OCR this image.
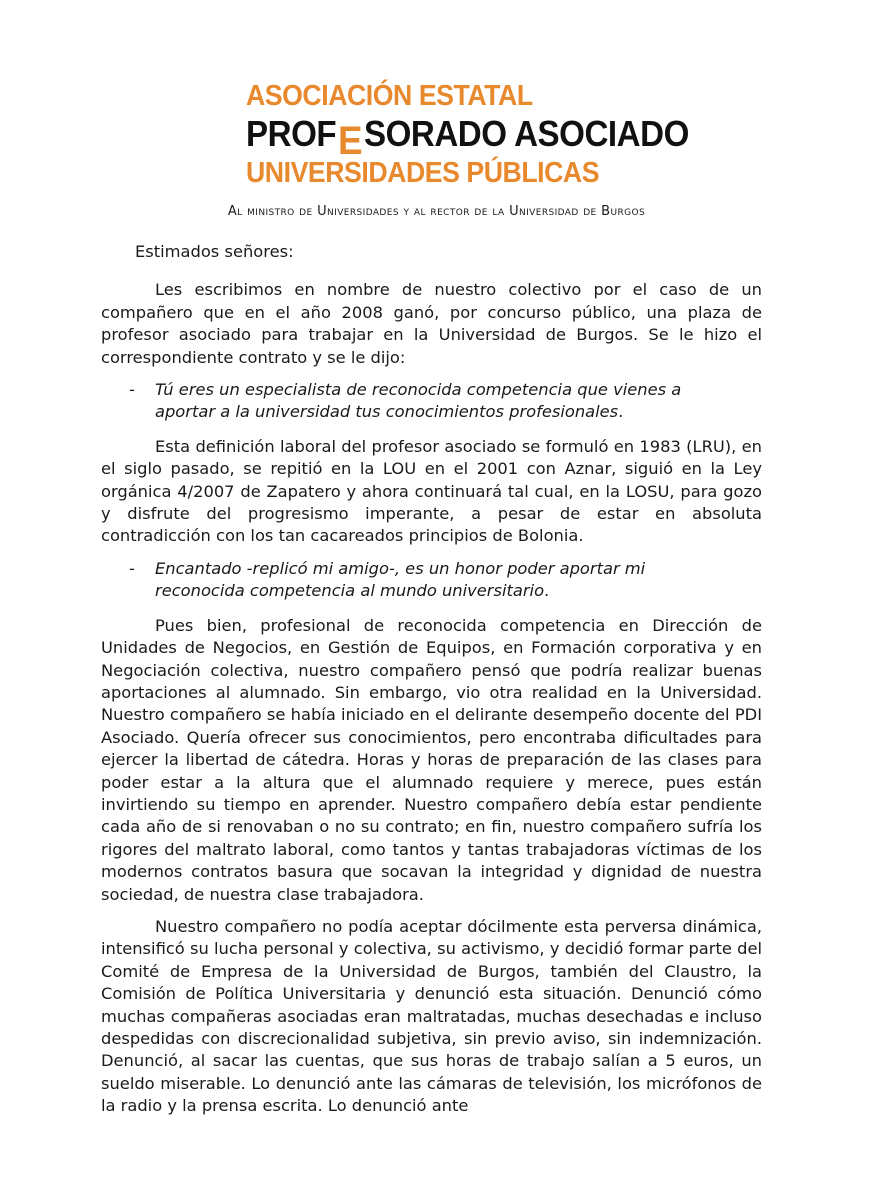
ASOCIACIÓN ESTATAL
PROFESORADO ASOCIADO
UNIVERSIDADES PÚBLICAS
Al ministro de Universidades y al rector de la Universidad de Burgos
Estimados señores:

Les escribimos en nombre de nuestro colectivo por el caso de un compañero que en el año 2008 ganó, por concurso público, una plaza de profesor asociado para trabajar en la Universidad de Burgos. Se le hizo el correspondiente contrato y se le dijo:

- Tú eres un especialista de reconocida competencia que vienes a aportar a la universidad tus conocimientos profesionales.

Esta definición laboral del profesor asociado se formuló en 1983 (LRU), en el siglo pasado, se repitió en la LOU en el 2001 con Aznar, siguió en la Ley orgánica 4/2007 de Zapatero y ahora continuará tal cual, en la LOSU, para gozo y disfrute del progresismo imperante, a pesar de estar en absoluta contradicción con los tan cacareados principios de Bolonia.

- Encantado -replicó mi amigo-, es un honor poder aportar mi reconocida competencia al mundo universitario.

Pues bien, profesional de reconocida competencia en Dirección de Unidades de Negocios, en Gestión de Equipos, en Formación corporativa y en Negociación colectiva, nuestro compañero pensó que podría realizar buenas aportaciones al alumnado. Sin embargo, vio otra realidad en la Universidad. Nuestro compañero se había iniciado en el delirante desempeño docente del PDI Asociado. Quería ofrecer sus conocimientos, pero encontraba dificultades para ejercer la libertad de cátedra. Horas y horas de preparación de las clases para poder estar a la altura que el alumnado requiere y merece, pues están invirtiendo su tiempo en aprender. Nuestro compañero debía estar pendiente cada año de si renovaban o no su contrato; en fin, nuestro compañero sufría los rigores del maltrato laboral, como tantos y tantas trabajadoras víctimas de los modernos contratos basura que socavan la integridad y dignidad de nuestra sociedad, de nuestra clase trabajadora.

Nuestro compañero no podía aceptar dócilmente esta perversa dinámica, intensificó su lucha personal y colectiva, su activismo, y decidió formar parte del Comité de Empresa de la Universidad de Burgos, también del Claustro, la Comisión de Política Universitaria y denunció esta situación. Denunció cómo muchas compañeras asociadas eran maltratadas, muchas desechadas e incluso despedidas con discrecionalidad subjetiva, sin previo aviso, sin indemnización. Denunció, al sacar las cuentas, que sus horas de trabajo salían a 5 euros, un sueldo miserable. Lo denunció ante las cámaras de televisión, los micrófonos de la radio y la prensa escrita. Lo denunció ante
